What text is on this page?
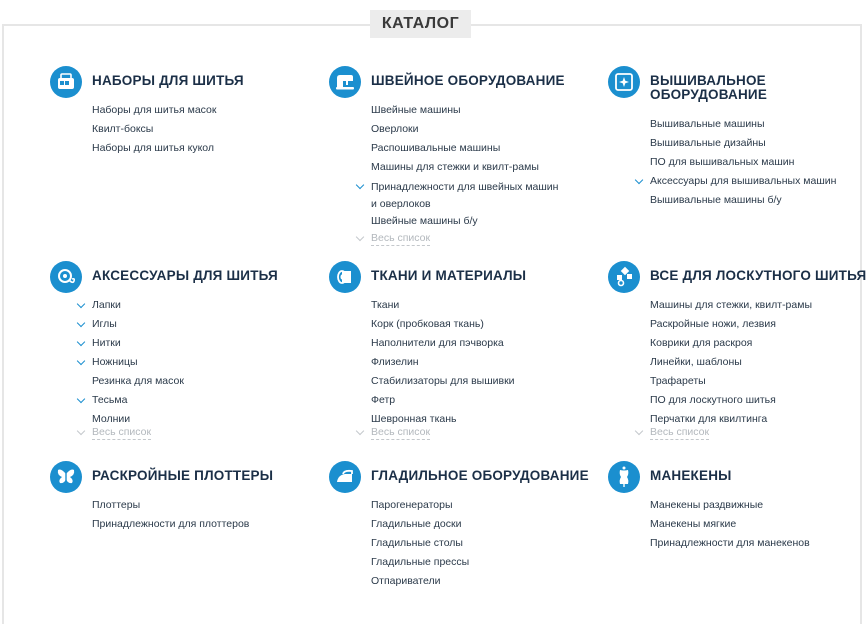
КАТАЛОГ
НАБОРЫ ДЛЯ ШИТЬЯ
Наборы для шитья масок
Квилт-боксы
Наборы для шитья кукол
ШВЕЙНОЕ ОБОРУДОВАНИЕ
Швейные машины
Оверлоки
Распошивальные машины
Машины для стежки и квилт-рамы
Принадлежности для швейных машин и оверлоков
Швейные машины б/у
Весь список
ВЫШИВАЛЬНОЕ ОБОРУДОВАНИЕ
Вышивальные машины
Вышивальные дизайны
ПО для вышивальных машин
Аксессуары для вышивальных машин
Вышивальные машины б/у
АКСЕССУАРЫ ДЛЯ ШИТЬЯ
Лапки
Иглы
Нитки
Ножницы
Резинка для масок
Тесьма
Молнии
Весь список
ТКАНИ И МАТЕРИАЛЫ
Ткани
Корк (пробковая ткань)
Наполнители для пэчворка
Флизелин
Стабилизаторы для вышивки
Фетр
Шевронная ткань
Весь список
ВСЕ ДЛЯ ЛОСКУТНОГО ШИТЬЯ
Машины для стежки, квилт-рамы
Раскройные ножи, лезвия
Коврики для раскроя
Линейки, шаблоны
Трафареты
ПО для лоскутного шитья
Перчатки для квилтинга
Весь список
РАСКРОЙНЫЕ ПЛОТТЕРЫ
Плоттеры
Принадлежности для плоттеров
ГЛАДИЛЬНОЕ ОБОРУДОВАНИЕ
Парогенераторы
Гладильные доски
Гладильные столы
Гладильные прессы
Отпариватели
МАНЕКЕНЫ
Манекены раздвижные
Манекены мягкие
Принадлежности для манекенов
